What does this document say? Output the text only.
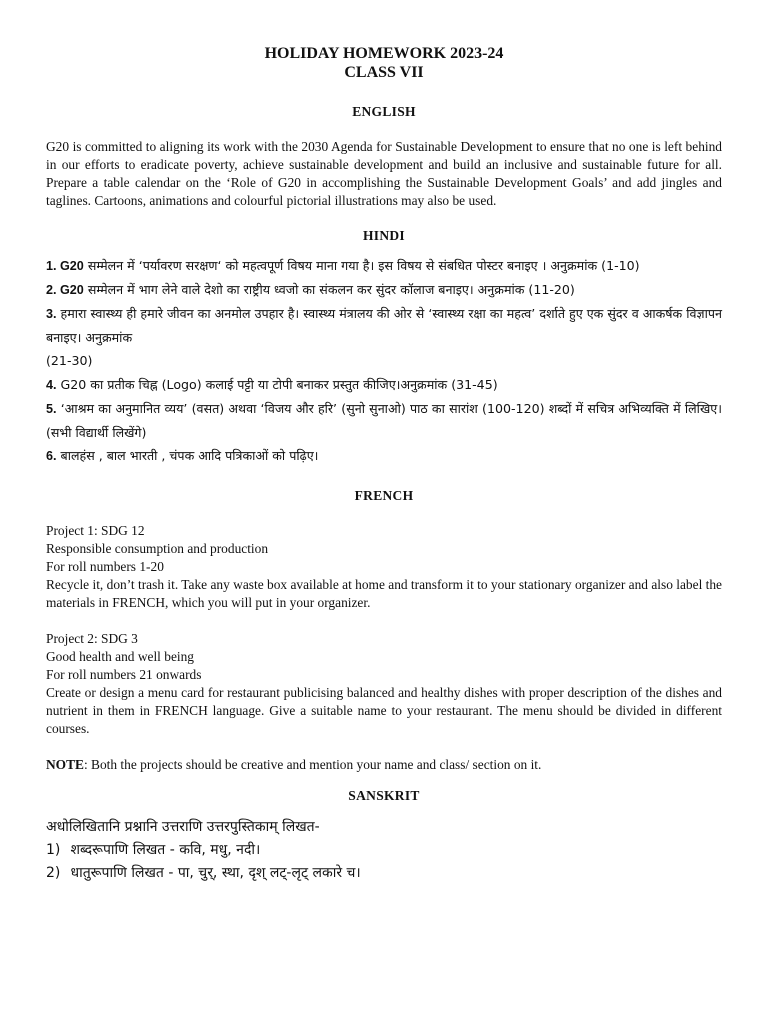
HOLIDAY HOMEWORK 2023-24
CLASS VII
ENGLISH

G20 is committed to aligning its work with the 2030 Agenda for Sustainable Development to ensure that no one is left behind in our efforts to eradicate poverty, achieve sustainable development and build an inclusive and sustainable future for all. Prepare a table calendar on the ‘Role of G20 in accomplishing the Sustainable Development Goals’ and add jingles and taglines. Cartoons, animations and colourful pictorial illustrations may also be used.

HINDI
1. G20 सम्मेलन में ‘पर्यावरण सरक्षण‘ को महत्वपूर्ण विषय माना गया है। इस विषय से संबधित पोस्टर बनाइए । अनुक्रमांक (1-10)
2. G20 सम्मेलन में भाग लेने वाले देशो का राष्ट्रीय ध्वजो का संकलन कर सुंदर कॉलाज बनाइए। अनुक्रमांक (11-20)
3. हमारा स्वास्थ्य ही हमारे जीवन का अनमोल उपहार है। स्वास्थ्य मंत्रालय की ओर से ‘स्वास्थ्य रक्षा का महत्व’ दर्शाते हुए एक सुंदर व आकर्षक विज्ञापन बनाइए। अनुक्रमांक
(21-30)
4. G20 का प्रतीक चिह्न (Logo) कलाई पट्टी या टोपी बनाकर प्रस्तुत कीजिए।अनुक्रमांक (31-45)
5. ‘आश्रम का अनुमानित व्यय’ (वसत) अथवा ‘विजय और हरि’ (सुनो सुनाओ) पाठ का सारांश (100-120) शब्दों में सचित्र अभिव्यक्ति में लिखिए। (सभी विद्यार्थी लिखेंगे)
6. बालहंस , बाल भारती , चंपक आदि पत्रिकाओं को पढ़िए।
FRENCH

Project 1: SDG 12

Responsible consumption and production

For roll numbers 1-20

Recycle it, don’t trash it. Take any waste box available at home and transform it to your stationary organizer and also label the materials in FRENCH, which you will put in your organizer.

Project 2: SDG 3

Good health and well being

For roll numbers 21 onwards

Create or design a menu card for restaurant publicising balanced and healthy dishes with proper description of the dishes and nutrient in them in FRENCH language. Give a suitable name to your restaurant. The menu should be divided in different courses.

NOTE: Both the projects should be creative and mention your name and class/ section on it.

SANSKRIT
अधोलिखितानि प्रश्नानि उत्तराणि उत्तरपुस्तिकाम् लिखत-
1) शब्दरूपाणि लिखत - कवि, मधु, नदी।
2) धातुरूपाणि लिखत - पा, चुर्, स्था, दृश् लट्-लृट् लकारे च।
